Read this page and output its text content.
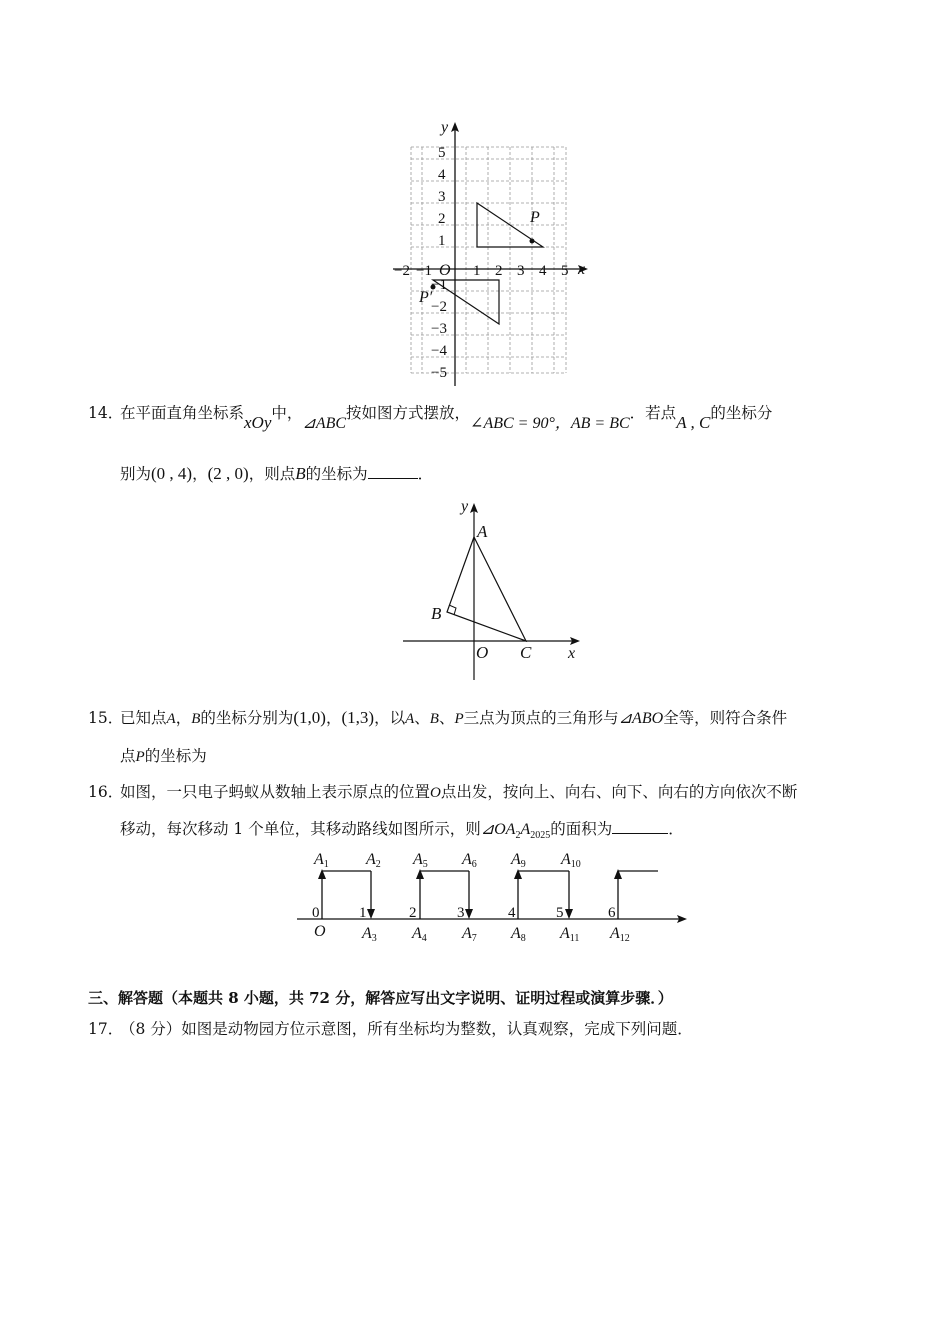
y
x
O
P
P′
−2 −1	1 2 3 4 5
5
4
3
2
1
−1
−2
−3
−4
−5
14．在平面直角坐标系xOy中，⊿ABC按如图方式摆放，∠ABC = 90°，AB = BC．若点A , C的坐标分
别为(0 , 4)，(2 , 0)，则点B的坐标为	．
y
x
A
B
O C
15．已知点A，B的坐标分别为(1,0)，(1,3)，以A、B、P三点为顶点的三角形与⊿ABO全等，则符合条件
点P的坐标为
16．如图，一只电子蚂蚁从数轴上表示原点的位置O点出发，按向上、向右、向下、向右的方向依次不断
移动，每次移动 1 个单位，其移动路线如图所示，则$⊿OA_2A_{2025}$的面积为	．
0	1	2	3	4	5	6
A1 A2 A5 A6 A9 A10
O A3 A4 A7 A8 A11 A12
三、解答题（本题共 8 小题，共 72 分，解答应写出文字说明、证明过程或演算步骤．）
17．（8 分）如图是动物园方位示意图，所有坐标均为整数，认真观察，完成下列问题．
